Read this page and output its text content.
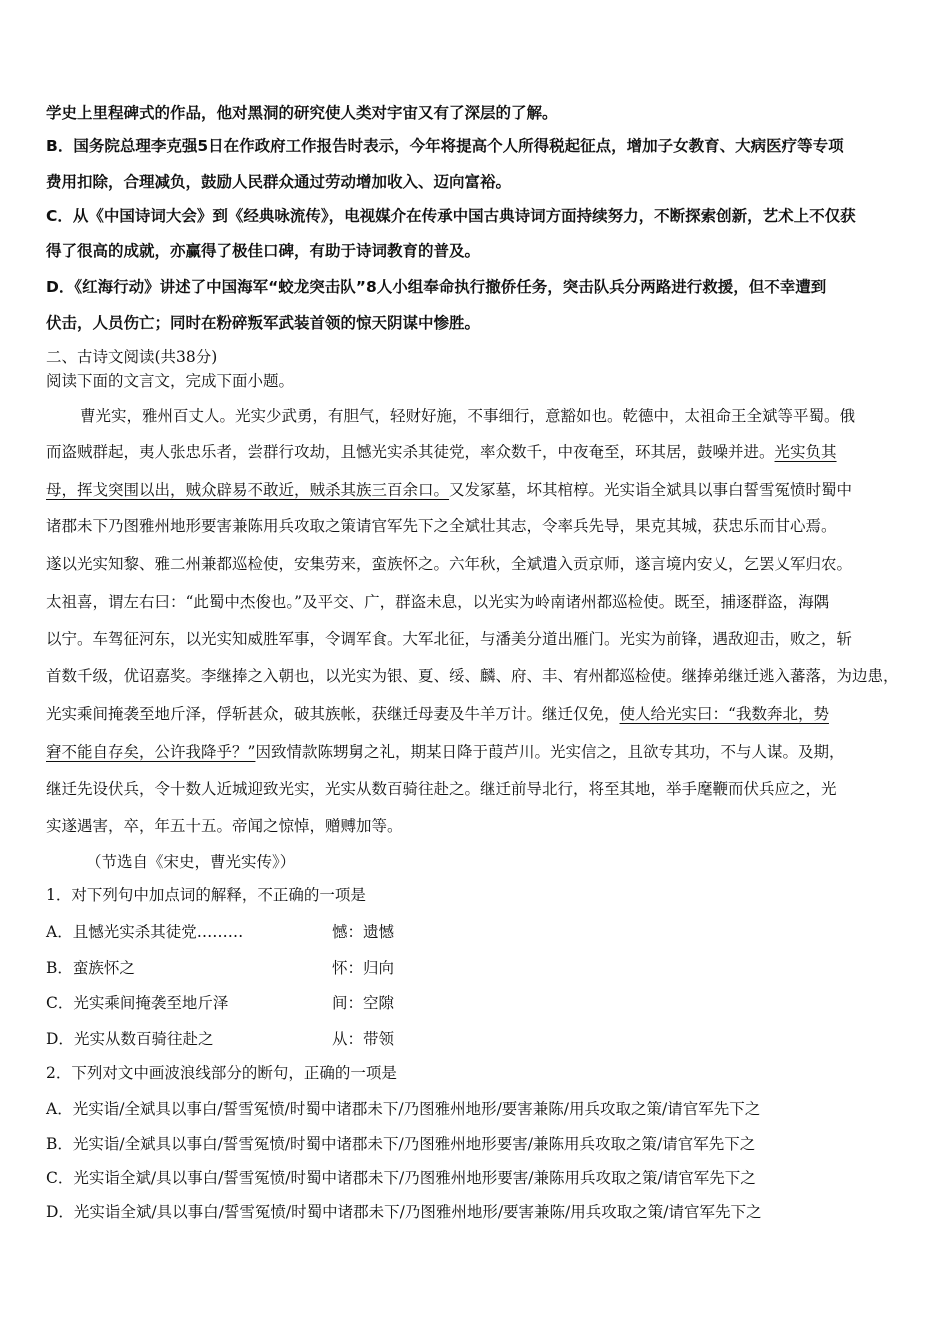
学史上里程碑式的作品，他对黑洞的研究使人类对宇宙又有了深层的了解。
B．国务院总理李克强5日在作政府工作报告时表示，今年将提高个人所得税起征点，增加子女教育、大病医疗等专项
费用扣除，合理减负，鼓励人民群众通过劳动增加收入、迈向富裕。
C．从《中国诗词大会》到《经典咏流传》，电视媒介在传承中国古典诗词方面持续努力，不断探索创新，艺术上不仅获
得了很高的成就，亦赢得了极佳口碑，有助于诗词教育的普及。
D．《红海行动》讲述了中国海军“蛟龙突击队”8人小组奉命执行撤侨任务，突击队兵分两路进行救援，但不幸遭到
伏击，人员伤亡；同时在粉碎叛军武装首领的惊天阴谋中惨胜。
二、古诗文阅读(共38分)
阅读下面的文言文，完成下面小题。
曹光实，雅州百丈人。光实少武勇，有胆气，轻财好施，不事细行，意豁如也。乾德中，太祖命王全斌等平蜀。俄
而盗贼群起，夷人张忠乐者，尝群行攻劫，且憾光实杀其徒党，率众数千，中夜奄至，环其居，鼓噪并进。光实负其
母，挥戈突围以出，贼众辟易不敢近，贼杀其族三百余口。又发冢墓，坏其棺椁。光实诣全斌具以事白誓雪冤愤时蜀中
诸郡未下乃图雅州地形要害兼陈用兵攻取之策请官军先下之全斌壮其志，令率兵先导，果克其城，获忠乐而甘心焉。
遂以光实知黎、雅二州兼都巡检使，安集劳来，蛮族怀之。六年秋，全斌遣入贡京师，遂言境内安乂，乞罢乂军归农。
太祖喜，谓左右曰：“此蜀中杰俊也。”及平交、广，群盗未息，以光实为岭南诸州都巡检使。既至，捕逐群盗，海隅
以宁。车驾征河东，以光实知威胜军事，令调军食。大军北征，与潘美分道出雁门。光实为前锋，遇敌迎击，败之，斩
首数千级，优诏嘉奖。李继捧之入朝也，以光实为银、夏、绥、麟、府、丰、宥州都巡检使。继捧弟继迁逃入蕃落，为边患，
光实乘间掩袭至地斤泽，俘斩甚众，破其族帐，获继迁母妻及牛羊万计。继迁仅免，使人给光实曰：“我数奔北，势
窘不能自存矣，公许我降乎？”因致情款陈甥舅之礼，期某日降于葭芦川。光实信之，且欲专其功，不与人谋。及期，
继迁先设伏兵，令十数人近城迎致光实，光实从数百骑往赴之。继迁前导北行，将至其地，举手麾鞭而伏兵应之，光
实遂遇害，卒，年五十五。帝闻之惊悼，赠赙加等。
（节选自《宋史，曹光实传》）
1．对下列句中加点词的解释，不正确的一项是
A．且憾光实杀其徒党………	憾：遗憾
B．蛮族怀之	怀：归向
C．光实乘间掩袭至地斤泽	间：空隙
D．光实从数百骑往赴之	从：带领
2．下列对文中画波浪线部分的断句，正确的一项是
A．光实诣/全斌具以事白/誓雪冤愤/时蜀中诸郡未下/乃图雅州地形/要害兼陈/用兵攻取之策/请官军先下之
B．光实诣/全斌具以事白/誓雪冤愤/时蜀中诸郡未下/乃图雅州地形要害/兼陈用兵攻取之策/请官军先下之
C．光实诣全斌/具以事白/誓雪冤愤/时蜀中诸郡未下/乃图雅州地形要害/兼陈用兵攻取之策/请官军先下之
D．光实诣全斌/具以事白/誓雪冤愤/时蜀中诸郡未下/乃图雅州地形/要害兼陈/用兵攻取之策/请官军先下之
